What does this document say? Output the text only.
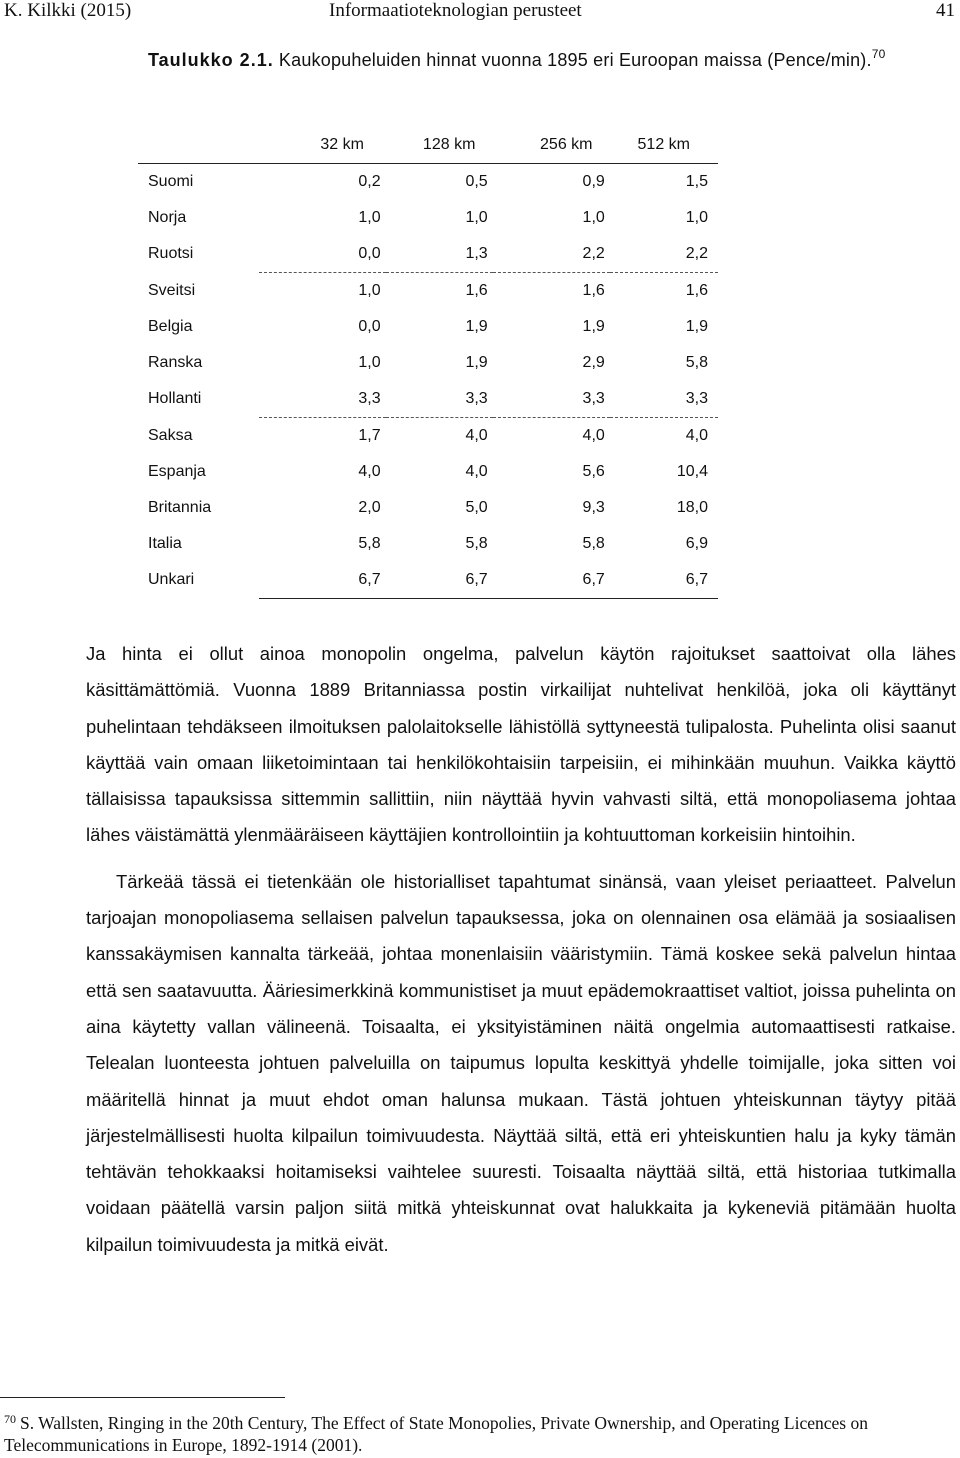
K. Kilkki (2015)	Informaatioteknologian perusteet	41
Taulukko 2.1. Kaukopuheluiden hinnat vuonna 1895 eri Euroopan maissa (Pence/min).$^{70}$
	32 km	128 km	256 km	512 km
Suomi	0,2	0,5	0,9	1,5
Norja	1,0	1,0	1,0	1,0
Ruotsi	0,0	1,3	2,2	2,2
Sveitsi	1,0	1,6	1,6	1,6
Belgia	0,0	1,9	1,9	1,9
Ranska	1,0	1,9	2,9	5,8
Hollanti	3,3	3,3	3,3	3,3
Saksa	1,7	4,0	4,0	4,0
Espanja	4,0	4,0	5,6	10,4
Britannia	2,0	5,0	9,3	18,0
Italia	5,8	5,8	5,8	6,9
Unkari	6,7	6,7	6,7	6,7

Ja hinta ei ollut ainoa monopolin ongelma, palvelun käytön rajoitukset saattoivat olla lähes käsittämättömiä. Vuonna 1889 Britanniassa postin virkailijat nuhtelivat henkilöä, joka oli käyttänyt puhelintaan tehdäkseen ilmoituksen palolaitokselle lähistöllä syttyneestä tulipalosta. Puhelinta olisi saanut käyttää vain omaan liiketoimintaan tai henkilökohtaisiin tarpeisiin, ei mihinkään muuhun. Vaikka käyttö tällaisissa tapauksissa sittemmin sallittiin, niin näyttää hyvin vahvasti siltä, että monopoliasema johtaa lähes väistämättä ylenmääräiseen käyttäjien kontrollointiin ja kohtuuttoman korkeisiin hintoihin.

Tärkeää tässä ei tietenkään ole historialliset tapahtumat sinänsä, vaan yleiset periaatteet. Palvelun tarjoajan monopoliasema sellaisen palvelun tapauksessa, joka on olennainen osa elämää ja sosiaalisen kanssakäymisen kannalta tärkeää, johtaa monenlaisiin vääristymiin. Tämä koskee sekä palvelun hintaa että sen saatavuutta. Ääriesimerkkinä kommunistiset ja muut epädemokraattiset valtiot, joissa puhelinta on aina käytetty vallan välineenä. Toisaalta, ei yksityistäminen näitä ongelmia automaattisesti ratkaise. Telealan luonteesta johtuen palveluilla on taipumus lopulta keskittyä yhdelle toimijalle, joka sitten voi määritellä hinnat ja muut ehdot oman halunsa mukaan. Tästä johtuen yhteiskunnan täytyy pitää järjestelmällisesti huolta kilpailun toimivuudesta. Näyttää siltä, että eri yhteiskuntien halu ja kyky tämän tehtävän tehokkaaksi hoitamiseksi vaihtelee suuresti. Toisaalta näyttää siltä, että historiaa tutkimalla voidaan päätellä varsin paljon siitä mitkä yhteiskunnat ovat halukkaita ja kykeneviä pitämään huolta kilpailun toimivuudesta ja mitkä eivät.

$^{70}$ S. Wallsten, Ringing in the 20th Century, The Effect of State Monopolies, Private Ownership, and Operating Licences on Telecommunications in Europe, 1892-1914 (2001).
